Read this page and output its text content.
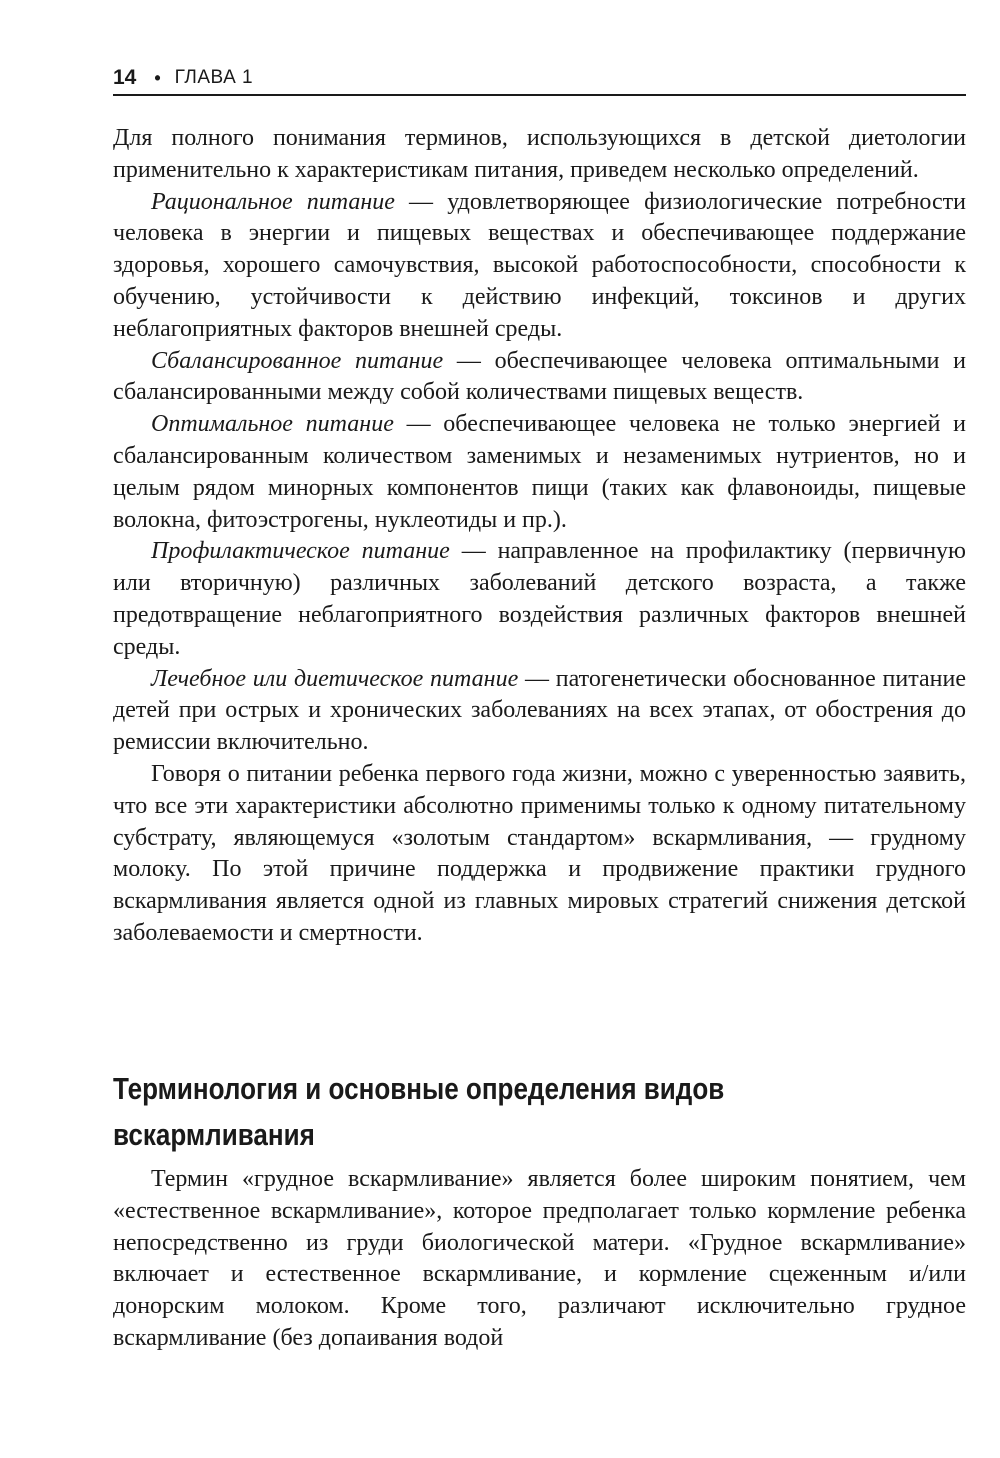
14 • ГЛАВА 1

Для полного понимания терминов, использующихся в детской диетологии применительно к характеристикам питания, приведем несколько определений.

Рациональное питание — удовлетворяющее физиологические потребности человека в энергии и пищевых веществах и обеспечивающее поддержание здоровья, хорошего самочувствия, высокой работоспособности, способности к обучению, устойчивости к действию инфекций, токсинов и других неблагоприятных факторов внешней среды.

Сбалансированное питание — обеспечивающее человека оптимальными и сбалансированными между собой количествами пищевых веществ.

Оптимальное питание — обеспечивающее человека не только энергией и сбалансированным количеством заменимых и незаменимых нутриентов, но и целым рядом минорных компонентов пищи (таких как флавоноиды, пищевые волокна, фитоэстрогены, нуклеотиды и пр.).

Профилактическое питание — направленное на профилактику (первичную или вторичную) различных заболеваний детского возраста, а также предотвращение неблагоприятного воздействия различных факторов внешней среды.

Лечебное или диетическое питание — патогенетически обоснованное питание детей при острых и хронических заболеваниях на всех этапах, от обострения до ремиссии включительно.

Говоря о питании ребенка первого года жизни, можно с уверенностью заявить, что все эти характеристики абсолютно применимы только к одному питательному субстрату, являющемуся «золотым стандартом» вскармливания, — грудному молоку. По этой причине поддержка и продвижение практики грудного вскармливания является одной из главных мировых стратегий снижения детской заболеваемости и смертности.

Терминология и основные определения видов
вскармливания

Термин «грудное вскармливание» является более широким понятием, чем «естественное вскармливание», которое предполагает только кормление ребенка непосредственно из груди биологической матери. «Грудное вскармливание» включает и естественное вскармливание, и кормление сцеженным и/или донорским молоком. Кроме того, различают исключительно грудное вскармливание (без допаивания водой
